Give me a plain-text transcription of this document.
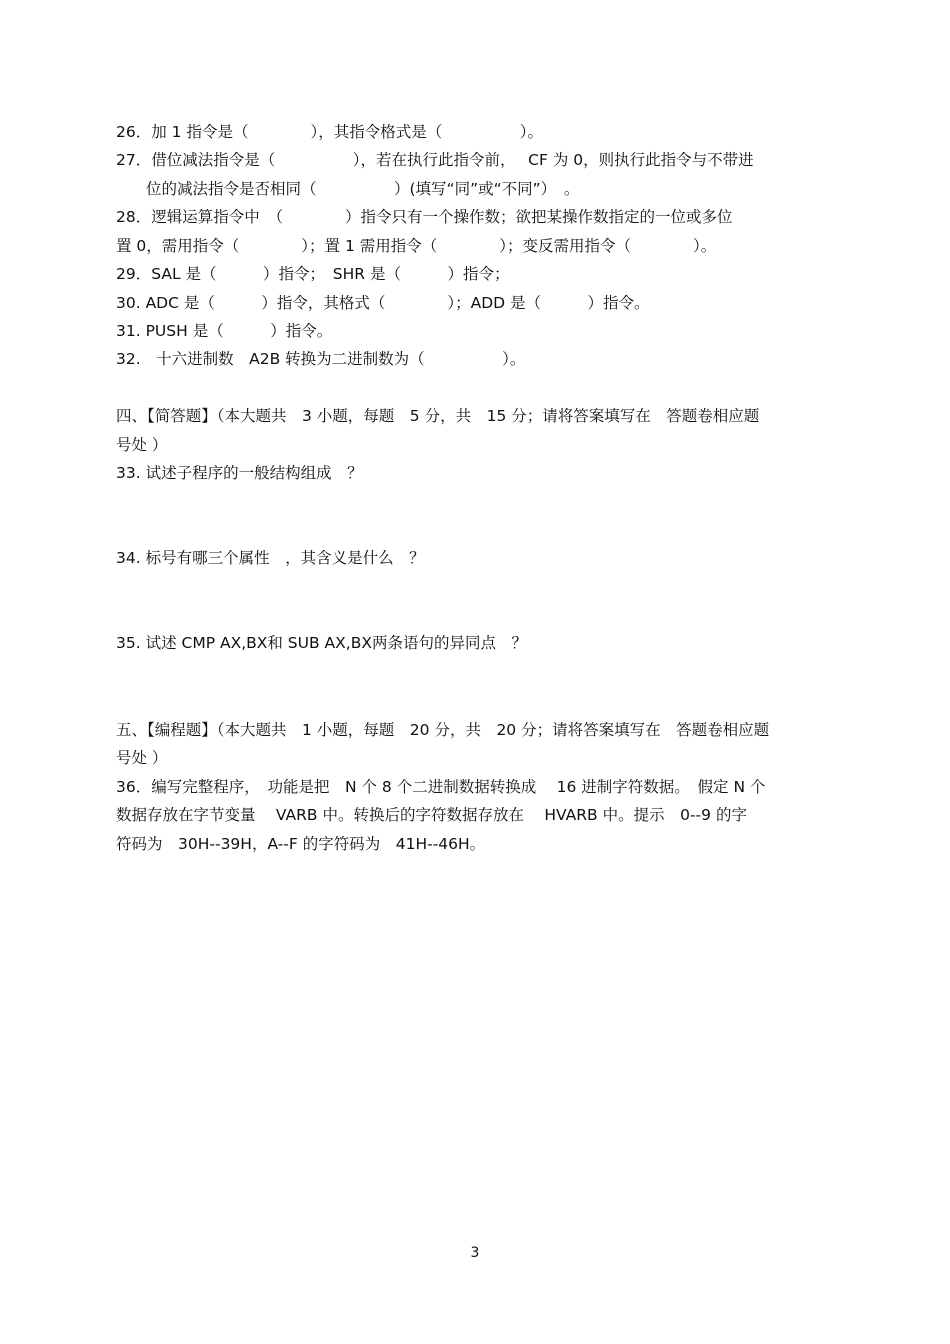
26．加 1 指令是（　　　　），其指令格式是（　　　　　）。
27．借位减法指令是（　　　　　），若在执行此指令前，　 CF 为 0，则执行此指令与不带进
位的减法指令是否相同（　　　　　）(填写“同”或“不同”）　。
28．逻辑运算指令中　（　　　　）指令只有一个操作数；欲把某操作数指定的一位或多位
置 0，需用指令（　　　　）；置 1 需用指令（　　　　）；变反需用指令（　　　　）。
29．SAL 是（　　　）指令；　SHR 是（　　　）指令；
30. ADC 是（　　　）指令，其格式（　　　　）；ADD 是（　　　）指令。
31. PUSH 是（　　　）指令。
32.　十六进制数　A2B 转换为二进制数为（　　　　　）。
四、【简答题】（本大题共　3 小题，每题　5 分，共　15 分；请将答案填写在　答题卷相应题
号处 ）
33. 试述子程序的一般结构组成　？
34. 标号有哪三个属性　，其含义是什么　？
35. 试述 CMP AX,BX和 SUB AX,BX两条语句的异同点　？
五、【编程题】（本大题共　1 小题，每题　20 分，共　20 分；请将答案填写在　答题卷相应题
号处 ）
36．编写完整程序，　功能是把　N 个 8 个二进制数据转换成　 16 进制字符数据。　假定 N 个
数据存放在字节变量　 VARB 中。转换后的字符数据存放在　 HVARB 中。提示　0--9 的字
符码为　30H--39H，A--F 的字符码为　41H--46H。
3
